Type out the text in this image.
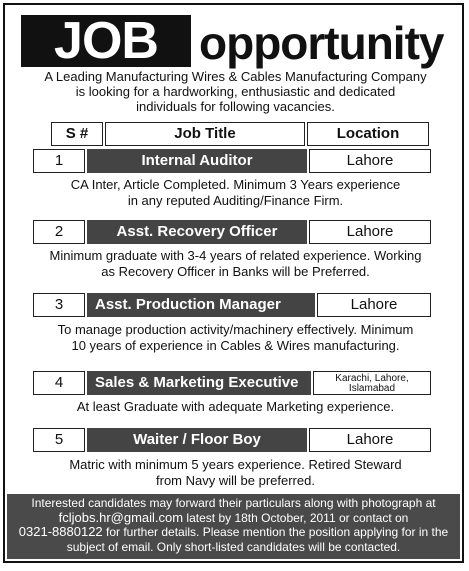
JOB opportunity
A Leading Manufacturing Wires & Cables Manufacturing Company
is looking for a hardworking, enthusiastic and dedicated
individuals for following vacancies.
S #	Job Title	Location
1	Internal Auditor	Lahore
CA Inter, Article Completed. Minimum 3 Years experience
in any reputed Auditing/Finance Firm.
2	Asst. Recovery Officer	Lahore
Minimum graduate with 3-4 years of related experience. Working
as Recovery Officer in Banks will be Preferred.
3	Asst. Production Manager	Lahore
To manage production activity/machinery effectively. Minimum
10 years of experience in Cables & Wires manufacturing.
4	Sales & Marketing Executive	Karachi, Lahore,
Islamabad
At least Graduate with adequate Marketing experience.
5	Waiter / Floor Boy	Lahore
Matric with minimum 5 years experience. Retired Steward
from Navy will be preferred.
Interested candidates may forward their particulars along with photograph at
fcljobs.hr@gmail.com latest by 18th October, 2011 or contact on
0321-8880122 for further details. Please mention the position applying for in the
subject of email. Only short-listed candidates will be contacted.
